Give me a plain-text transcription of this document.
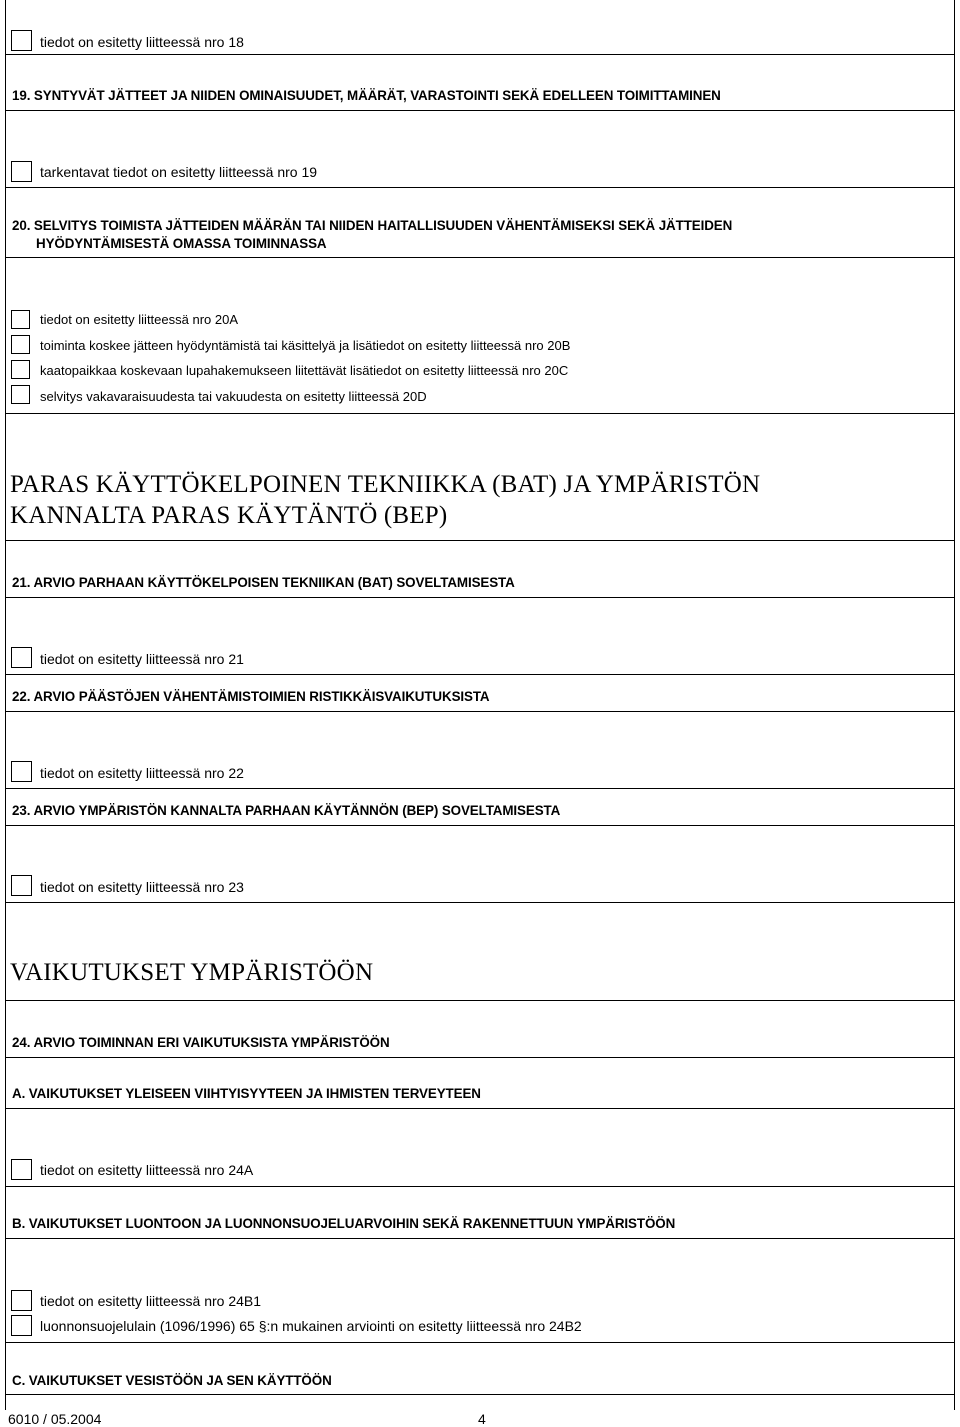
tiedot on esitetty liitteessä nro 18
19. SYNTYVÄT JÄTTEET JA NIIDEN OMINAISUUDET, MÄÄRÄT, VARASTOINTI SEKÄ EDELLEEN TOIMITTAMINEN
tarkentavat tiedot on esitetty liitteessä nro 19
20. SELVITYS TOIMISTA JÄTTEIDEN MÄÄRÄN TAI NIIDEN HAITALLISUUDEN VÄHENTÄMISEKSI SEKÄ JÄTTEIDEN
HYÖDYNTÄMISESTÄ OMASSA TOIMINNASSA
tiedot on esitetty liitteessä nro 20A
toiminta koskee jätteen hyödyntämistä tai käsittelyä ja lisätiedot on esitetty liitteessä nro 20B
kaatopaikkaa koskevaan lupahakemukseen liitettävät lisätiedot on esitetty liitteessä nro 20C
selvitys vakavaraisuudesta tai vakuudesta on esitetty liitteessä 20D
PARAS KÄYTTÖKELPOINEN TEKNIIKKA (BAT) JA YMPÄRISTÖN
KANNALTA PARAS KÄYTÄNTÖ (BEP)
21. ARVIO PARHAAN KÄYTTÖKELPOISEN TEKNIIKAN (BAT) SOVELTAMISESTA
tiedot on esitetty liitteessä nro 21
22. ARVIO PÄÄSTÖJEN VÄHENTÄMISTOIMIEN RISTIKKÄISVAIKUTUKSISTA
tiedot on esitetty liitteessä nro 22
23. ARVIO YMPÄRISTÖN KANNALTA PARHAAN KÄYTÄNNÖN (BEP) SOVELTAMISESTA
tiedot on esitetty liitteessä nro 23
VAIKUTUKSET YMPÄRISTÖÖN
24. ARVIO TOIMINNAN ERI VAIKUTUKSISTA YMPÄRISTÖÖN
A. VAIKUTUKSET YLEISEEN VIIHTYISYYTEEN JA IHMISTEN TERVEYTEEN
tiedot on esitetty liitteessä nro 24A
B. VAIKUTUKSET LUONTOON JA LUONNONSUOJELUARVOIHIN SEKÄ RAKENNETTUUN YMPÄRISTÖÖN
tiedot on esitetty liitteessä nro 24B1
luonnonsuojelulain (1096/1996) 65 §:n mukainen arviointi on esitetty liitteessä nro 24B2
C. VAIKUTUKSET VESISTÖÖN JA SEN KÄYTTÖÖN
6010 / 05.2004	4
